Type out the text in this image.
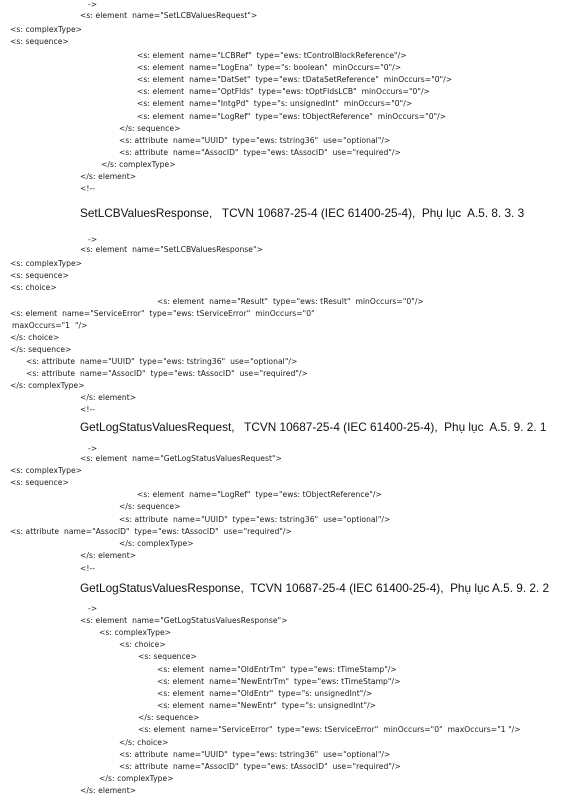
->
<s: element  name="SetLCBValuesRequest">
<s: complexType>
<s: sequence>
<s: element  name="LCBRef"  type="ews: tControlBlockReference"/>
<s: element  name="LogEna"  type="s: boolean"  minOccurs="0"/>
<s: element  name="DatSet"  type="ews: tDataSetReference"  minOccurs="0"/>
<s: element  name="OptFlds"  type="ews: tOptFldsLCB"  minOccurs="0"/>
<s: element  name="IntgPd"  type="s: unsignedInt"  minOccurs="0"/>
<s: element  name="LogRef"  type="ews: tObjectReference"  minOccurs="0"/>
</s: sequence>
<s: attribute  name="UUID"  type="ews: tstring36"  use="optional"/>
<s: attribute  name="AssocID"  type="ews: tAssocID"  use="required"/>
</s: complexType>
</s: element>
<!--
SetLCBValuesResponse,   TCVN 10687-25-4 (IEC 61400-25-4),  Phụ lục  A.5. 8. 3. 3
->
<s: element  name="SetLCBValuesResponse">
<s: complexType>
<s: sequence>
<s: choice>
<s: element  name="Result"  type="ews: tResult"  minOccurs="0"/>
<s: element  name="ServiceError"  type="ews: tServiceError"  minOccurs="0"
maxOccurs="1  "/>
</s: choice>
</s: sequence>
<s: attribute  name="UUID"  type="ews: tstring36"  use="optional"/>
<s: attribute  name="AssocID"  type="ews: tAssocID"  use="required"/>
</s: complexType>
</s: element>
<!--
GetLogStatusValuesRequest,   TCVN 10687-25-4 (IEC 61400-25-4),  Phụ lục  A.5. 9. 2. 1
->
<s: element  name="GetLogStatusValuesRequest">
<s: complexType>
<s: sequence>
<s: element  name="LogRef"  type="ews: tObjectReference"/>
</s: sequence>
<s: attribute  name="UUID"  type="ews: tstring36"  use="optional"/>
<s: attribute  name="AssocID"  type="ews: tAssocID"  use="required"/>
</s: complexType>
</s: element>
<!--
GetLogStatusValuesResponse,  TCVN 10687-25-4 (IEC 61400-25-4),  Phụ lục A.5. 9. 2. 2
->
<s: element  name="GetLogStatusValuesResponse">
<s: complexType>
<s: choice>
<s: sequence>
<s: element  name="OldEntrTm"  type="ews: tTimeStamp"/>
<s: element  name="NewEntrTm"  type="ews: tTimeStamp"/>
<s: element  name="OldEntr"  type="s: unsignedInt"/>
<s: element  name="NewEntr"  type="s: unsignedInt"/>
</s: sequence>
<s: element  name="ServiceError"  type="ews: tServiceError"  minOccurs="0"  maxOccurs="1 "/>
</s: choice>
<s: attribute  name="UUID"  type="ews: tstring36"  use="optional"/>
<s: attribute  name="AssocID"  type="ews: tAssocID"  use="required"/>
</s: complexType>
</s: element>
